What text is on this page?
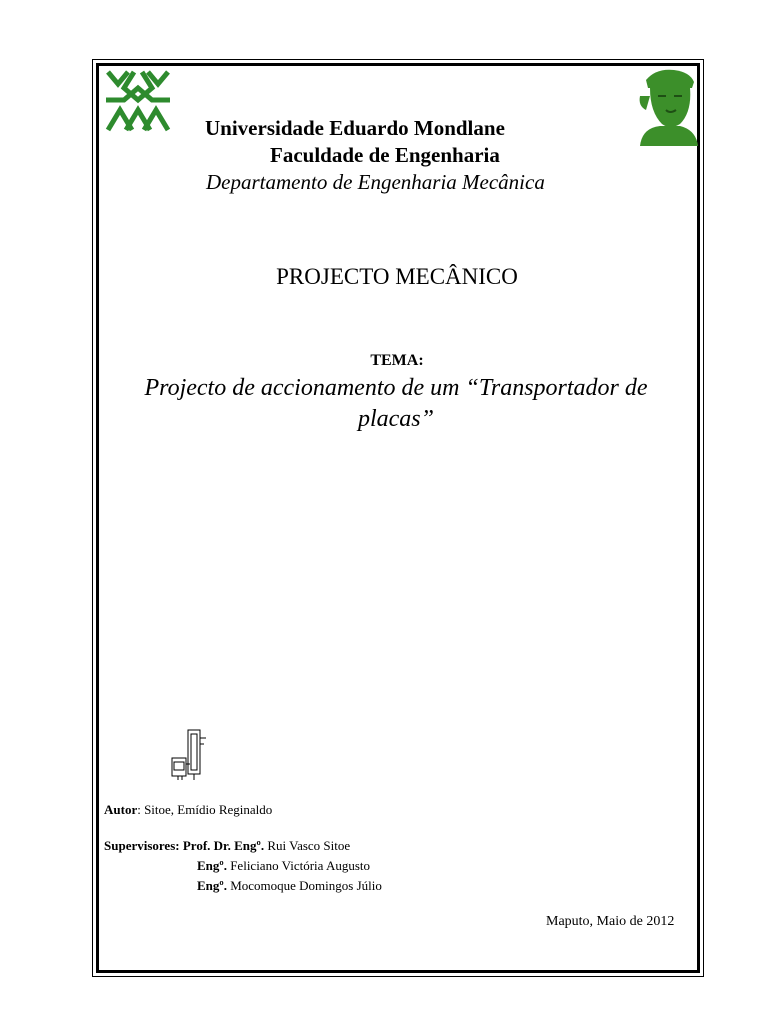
Universidade Eduardo Mondlane
Faculdade de Engenharia
Departamento de Engenharia Mecânica
PROJECTO MECÂNICO
TEMA:
Projecto de accionamento de um “Transportador de placas”
Autor: Sitoe, Emídio Reginaldo
Supervisores: Prof. Dr. Engº. Rui Vasco Sitoe
Engº. Feliciano Victória Augusto
Engº. Mocomoque Domingos Júlio
Maputo, Maio de 2012
